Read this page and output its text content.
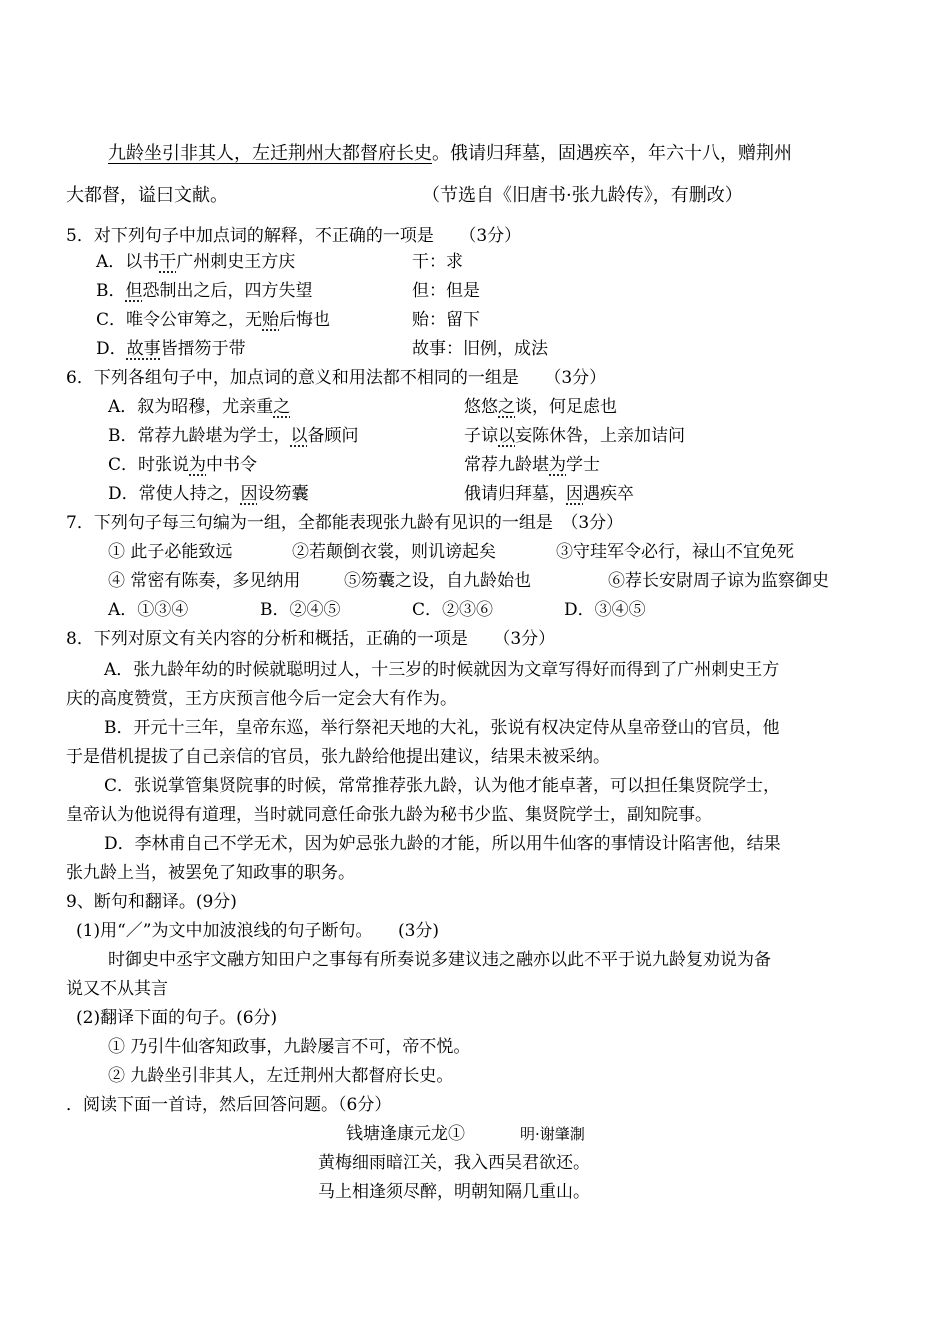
九龄坐引非其人，左迁荆州大都督府长史。俄请归拜墓，固遇疾卒，年六十八，赠荆州
大都督，谥曰文献。	（节选自《旧唐书·张九龄传》，有删改）
5．对下列句子中加点词的解释，不正确的一项是　　（3分）
A．以书干广州刺史王方庆	干：求
B．但恐制出之后，四方失望	但：但是
C．唯令公审筹之，无贻后悔也	贻：留下
D．故事皆搢笏于带	故事：旧例，成法
6．下列各组句子中，加点词的意义和用法都不相同的一组是　　（3分）
A．叙为昭穆，尤亲重之	悠悠之谈，何足虑也
B．常荐九龄堪为学士，以备顾问	子谅以妄陈休咎，上亲加诘问
C．时张说为中书令	常荐九龄堪为学士
D．常使人持之，因设笏囊	俄请归拜墓，因遇疾卒
7．下列句子每三句编为一组，全都能表现张九龄有见识的一组是　（3分）
① 此子必能致远	②若颠倒衣裳，则讥谤起矣	③守珪军令必行，禄山不宜免死
④ 常密有陈奏，多见纳用	⑤笏囊之设，自九龄始也	⑥荐长安尉周子谅为监察御史
A．①③④	B．②④⑤	C．②③⑥	D．③④⑤
8．下列对原文有关内容的分析和概括，正确的一项是　　（3分）
A．张九龄年幼的时候就聪明过人，十三岁的时候就因为文章写得好而得到了广州刺史王方
庆的高度赞赏，王方庆预言他今后一定会大有作为。
B．开元十三年，皇帝东巡，举行祭祀天地的大礼，张说有权决定侍从皇帝登山的官员，他
于是借机提拔了自己亲信的官员，张九龄给他提出建议，结果未被采纳。
C．张说掌管集贤院事的时候，常常推荐张九龄，认为他才能卓著，可以担任集贤院学士，
皇帝认为他说得有道理，当时就同意任命张九龄为秘书少监、集贤院学士，副知院事。
D．李林甫自己不学无术，因为妒忌张九龄的才能，所以用牛仙客的事情设计陷害他，结果
张九龄上当，被罢免了知政事的职务。
9、断句和翻译。(9分)
(1)用“／”为文中加波浪线的句子断句。　　(3分)
时御史中丞宇文融方知田户之事每有所奏说多建议违之融亦以此不平于说九龄复劝说为备
说又不从其言
(2)翻译下面的句子。(6分)
① 乃引牛仙客知政事，九龄屡言不可，帝不悦。
② 九龄坐引非其人，左迁荆州大都督府长史。
．阅读下面一首诗，然后回答问题。（6分）
钱塘逢康元龙①	明·谢肇淛
黄梅细雨暗江关，我入西吴君欲还。
马上相逢须尽醉，明朝知隔几重山。
